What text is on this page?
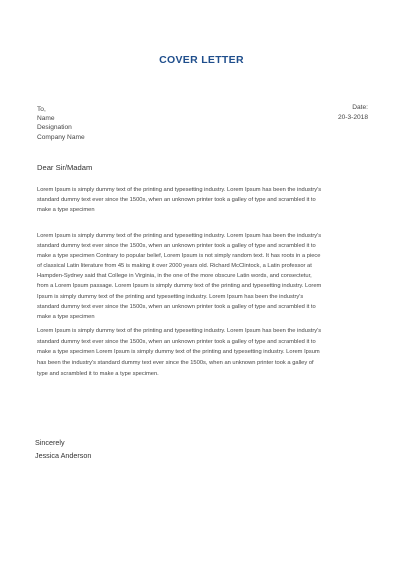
COVER LETTER
To,
Name
Designation
Company Name
Date:
20-3-2018
Dear Sir/Madam
Lorem Ipsum is simply dummy text of the printing and typesetting industry. Lorem Ipsum has been the industry's
standard dummy text ever since the 1500s, when an unknown printer took a galley of type and scrambled it to
make a type specimen
Lorem Ipsum is simply dummy text of the printing and typesetting industry. Lorem Ipsum has been the industry's
standard dummy text ever since the 1500s, when an unknown printer took a galley of type and scrambled it to
make a type specimen Contrary to popular belief, Lorem Ipsum is not simply random text. It has roots in a piece
of classical Latin literature from 45 is making it over 2000 years old. Richard McClintock, a Latin professor at
Hampden-Sydney said that College in Virginia, in the one of the more obscure Latin words, and consectetur,
from a Lorem Ipsum passage. Lorem Ipsum is simply dummy text of the printing and typesetting industry. Lorem
Ipsum is simply dummy text of the printing and typesetting industry. Lorem Ipsum has been the industry's
standard dummy text ever since the 1500s, when an unknown printer took a galley of type and scrambled it to
make a type specimen
Lorem Ipsum is simply dummy text of the printing and typesetting industry. Lorem Ipsum has been the industry's
standard dummy text ever since the 1500s, when an unknown printer took a galley of type and scrambled it to
make a type specimen Lorem Ipsum is simply dummy text of the printing and typesetting industry. Lorem Ipsum
has been the industry's standard dummy text ever since the 1500s, when an unknown printer took a galley of
type and scrambled it to make a type specimen.
Sincerely
Jessica Anderson
